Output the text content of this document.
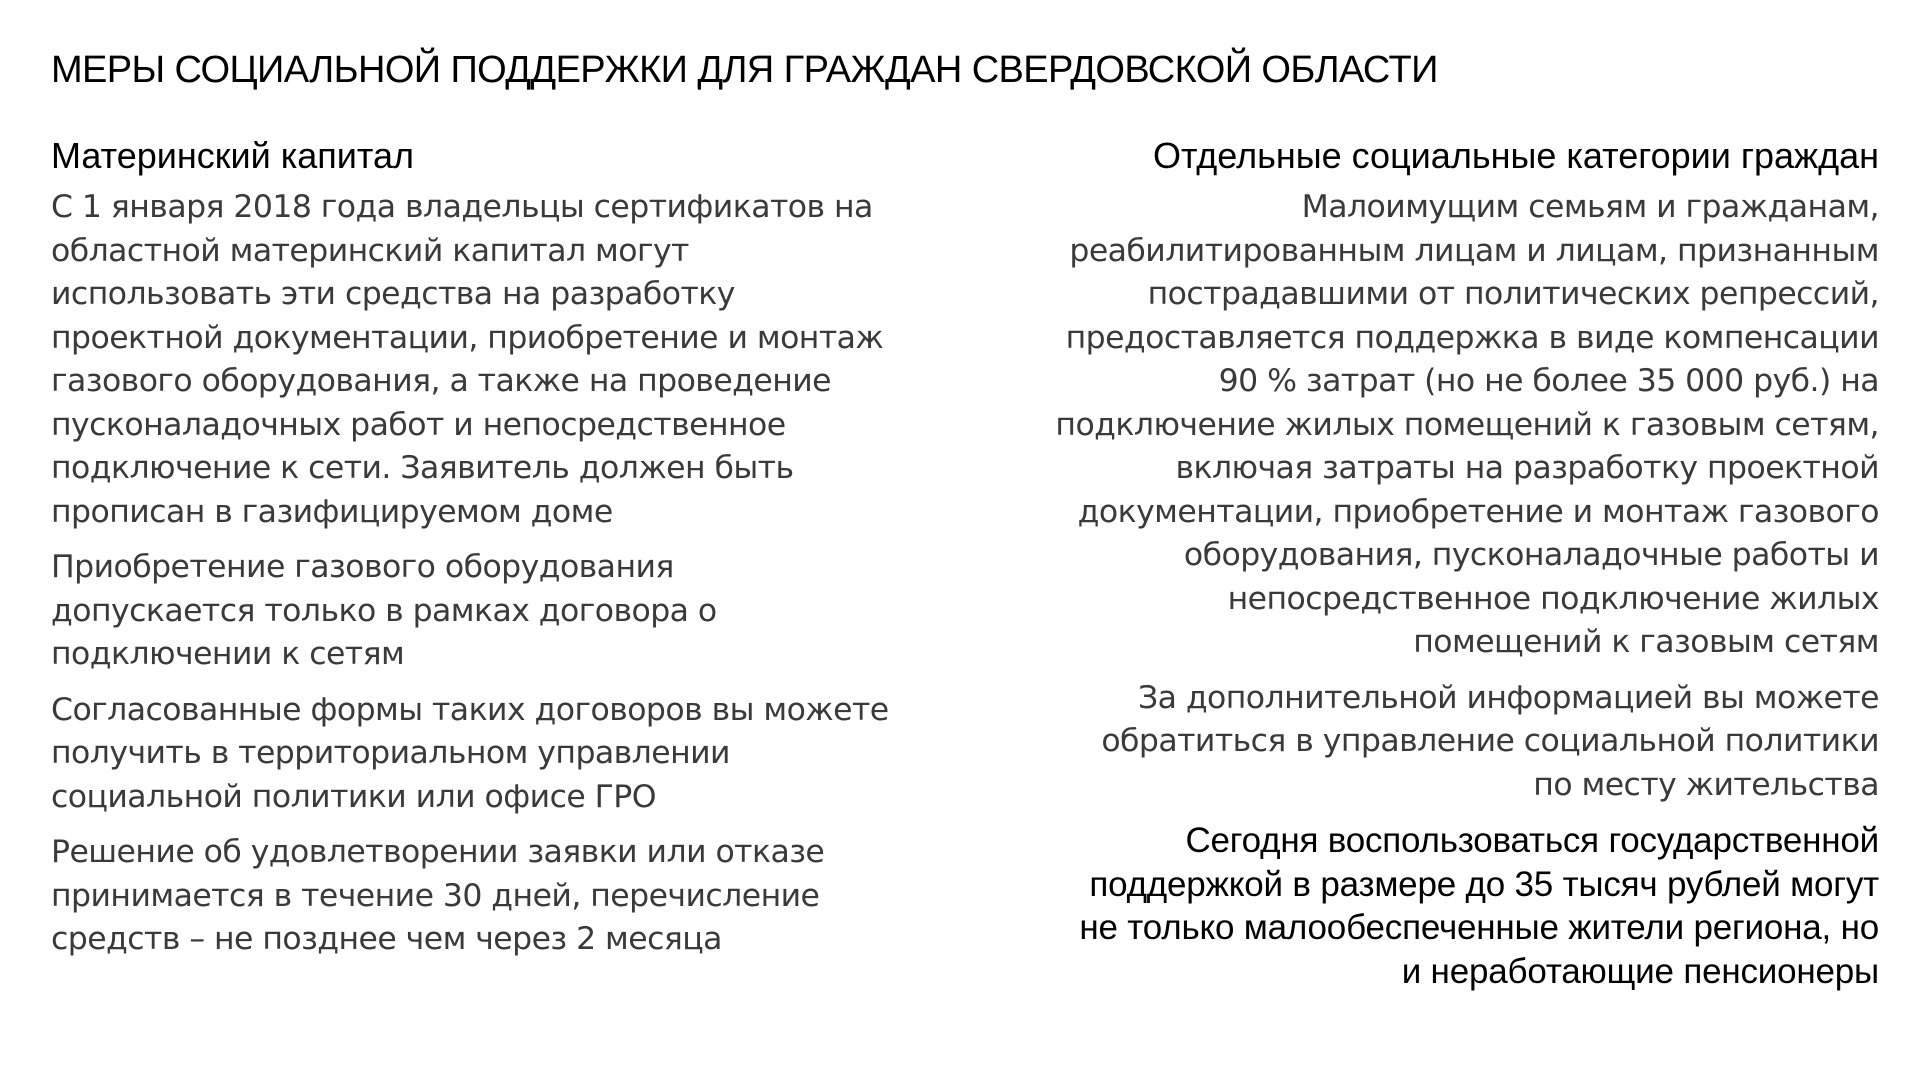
МЕРЫ СОЦИАЛЬНОЙ ПОДДЕРЖКИ ДЛЯ ГРАЖДАН СВЕРДОВСКОЙ ОБЛАСТИ
Материнский капитал
С 1 января 2018 года владельцы сертификатов на
областной материнский капитал могут
использовать эти средства на разработку
проектной документации, приобретение и монтаж
газового оборудования, а также на проведение
пусконаладочных работ и непосредственное
подключение к сети. Заявитель должен быть
прописан в газифицируемом доме
Приобретение газового оборудования
допускается только в рамках договора о
подключении к сетям
Согласованные формы таких договоров вы можете
получить в территориальном управлении
социальной политики или офисе ГРО
Решение об удовлетворении заявки или отказе
принимается в течение 30 дней, перечисление
средств – не позднее чем через 2 месяца
Отдельные социальные категории граждан
Малоимущим семьям и гражданам,
реабилитированным лицам и лицам, признанным
пострадавшими от политических репрессий,
предоставляется поддержка в виде компенсации
90 % затрат (но не более 35 000 руб.) на
подключение жилых помещений к газовым сетям,
включая затраты на разработку проектной
документации, приобретение и монтаж газового
оборудования, пусконаладочные работы и
непосредственное подключение жилых
помещений к газовым сетям
За дополнительной информацией вы можете
обратиться в управление социальной политики
по месту жительства
Сегодня воспользоваться государственной
поддержкой в размере до 35 тысяч рублей могут
не только малообеспеченные жители региона, но
и неработающие пенсионеры
